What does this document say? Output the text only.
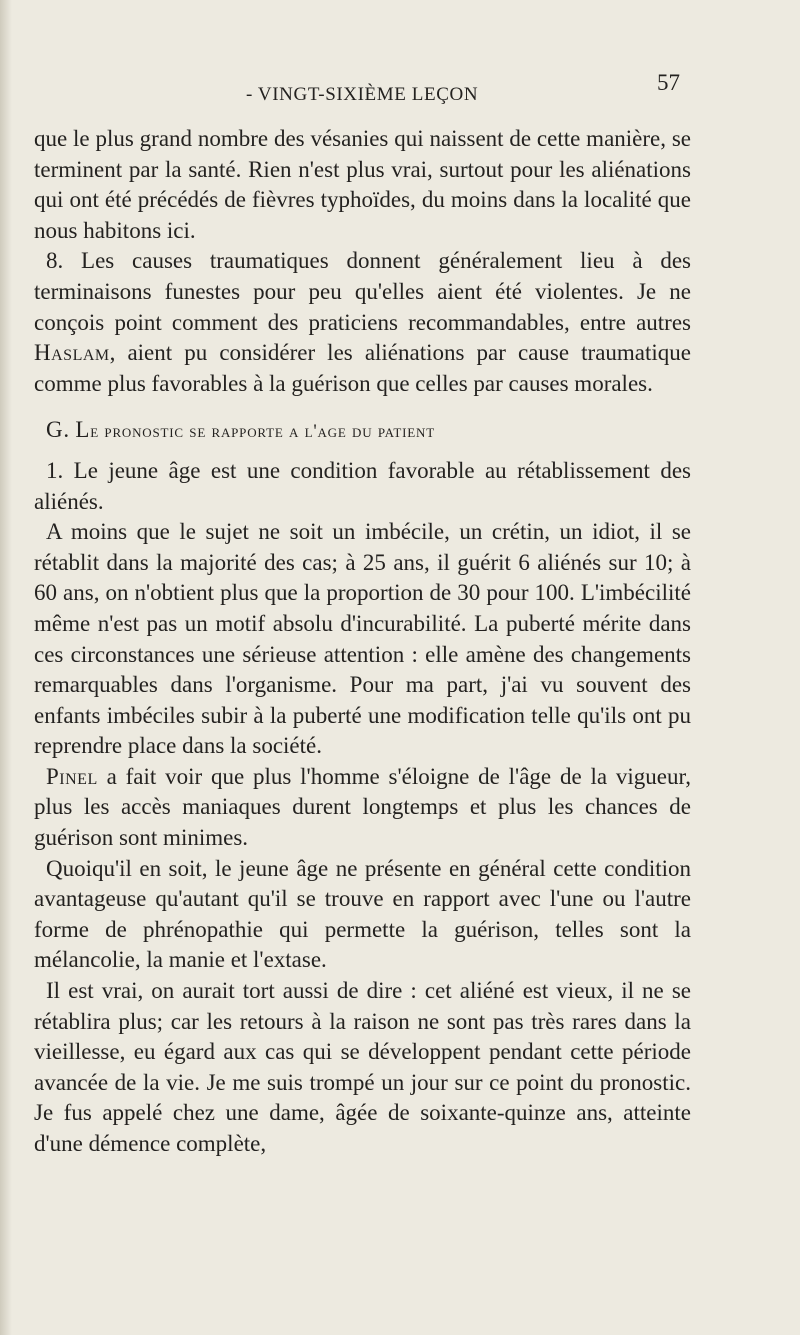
- VINGT-SIXIÈME LEÇON	57

que le plus grand nombre des vésanies qui naissent de cette manière, se terminent par la santé. Rien n'est plus vrai, surtout pour les aliénations qui ont été précédés de fièvres typhoïdes, du moins dans la localité que nous habitons ici.

8. Les causes traumatiques donnent généralement lieu à des terminaisons funestes pour peu qu'elles aient été violentes. Je ne conçois point comment des praticiens recommandables, entre autres Haslam, aient pu considérer les aliénations par cause traumatique comme plus favorables à la guérison que celles par causes morales.

G. Le pronostic se rapporte a l'age du patient

1. Le jeune âge est une condition favorable au rétablissement des aliénés.

A moins que le sujet ne soit un imbécile, un crétin, un idiot, il se rétablit dans la majorité des cas; à 25 ans, il guérit 6 aliénés sur 10; à 60 ans, on n'obtient plus que la proportion de 30 pour 100. L'imbécilité même n'est pas un motif absolu d'incurabilité. La puberté mérite dans ces circonstances une sérieuse attention : elle amène des changements remarquables dans l'organisme. Pour ma part, j'ai vu souvent des enfants imbéciles subir à la puberté une modification telle qu'ils ont pu reprendre place dans la société.

Pinel a fait voir que plus l'homme s'éloigne de l'âge de la vigueur, plus les accès maniaques durent longtemps et plus les chances de guérison sont minimes.

Quoiqu'il en soit, le jeune âge ne présente en général cette condition avantageuse qu'autant qu'il se trouve en rapport avec l'une ou l'autre forme de phrénopathie qui permette la guérison, telles sont la mélancolie, la manie et l'extase.

Il est vrai, on aurait tort aussi de dire : cet aliéné est vieux, il ne se rétablira plus; car les retours à la raison ne sont pas très rares dans la vieillesse, eu égard aux cas qui se développent pendant cette période avancée de la vie. Je me suis trompé un jour sur ce point du pronostic. Je fus appelé chez une dame, âgée de soixante-quinze ans, atteinte d'une démence complète,
